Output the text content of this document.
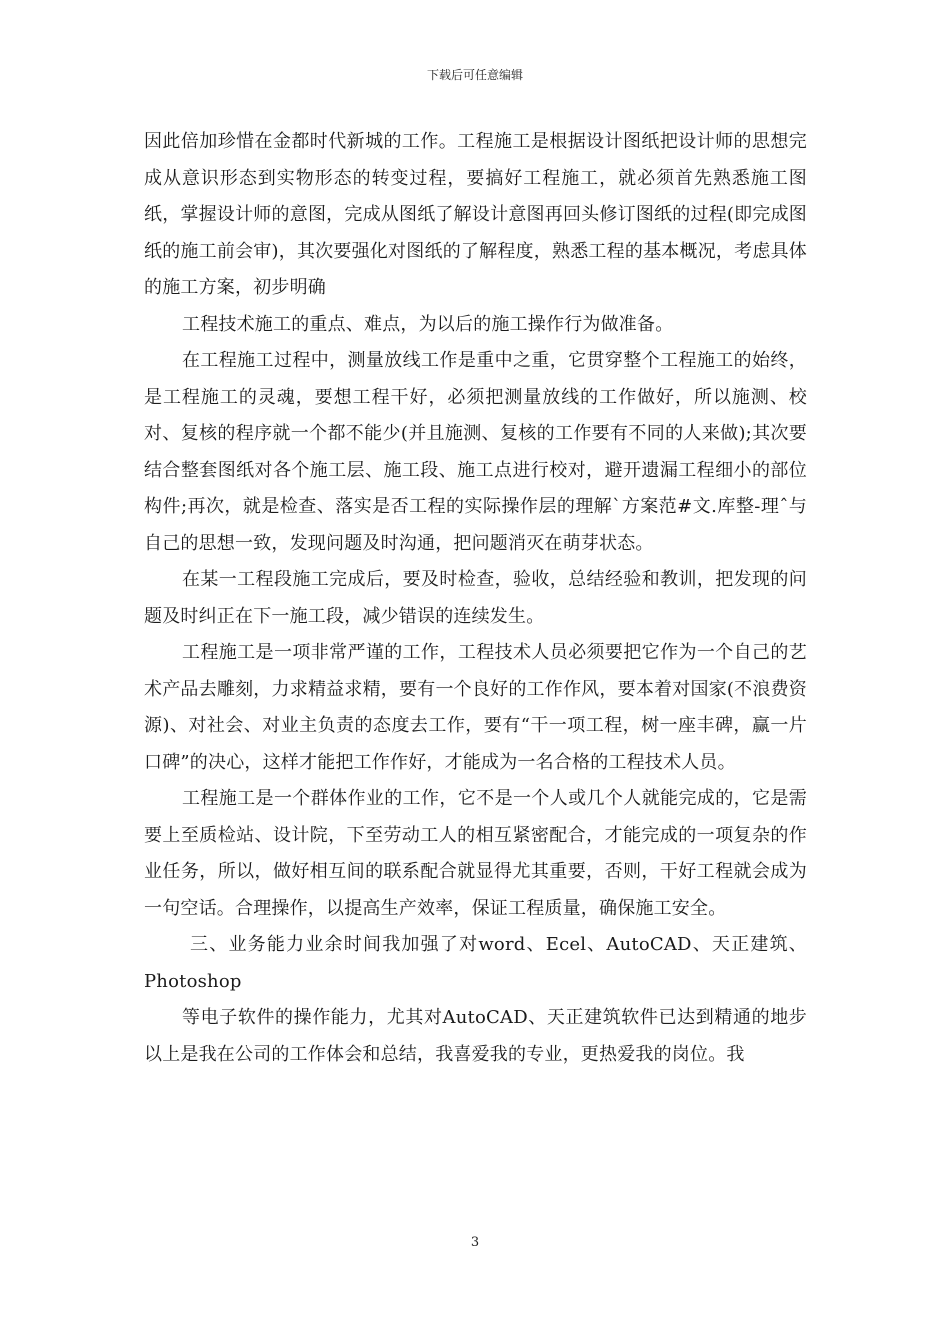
下载后可任意编辑

因此倍加珍惜在金都时代新城的工作。工程施工是根据设计图纸把设计师的思想完成从意识形态到实物形态的转变过程，要搞好工程施工，就必须首先熟悉施工图纸，掌握设计师的意图，完成从图纸了解设计意图再回头修订图纸的过程(即完成图纸的施工前会审)，其次要强化对图纸的了解程度，熟悉工程的基本概况，考虑具体的施工方案，初步明确

工程技术施工的重点、难点，为以后的施工操作行为做准备。

在工程施工过程中，测量放线工作是重中之重，它贯穿整个工程施工的始终，是工程施工的灵魂，要想工程干好，必须把测量放线的工作做好，所以施测、校对、复核的程序就一个都不能少(并且施测、复核的工作要有不同的人来做);其次要结合整套图纸对各个施工层、施工段、施工点进行校对，避开遗漏工程细小的部位构件;再次，就是检查、落实是否工程的实际操作层的理解`方案范#文.库整-理ˆ与自己的思想一致，发现问题及时沟通，把问题消灭在萌芽状态。

在某一工程段施工完成后，要及时检查，验收，总结经验和教训，把发现的问题及时纠正在下一施工段，减少错误的连续发生。

工程施工是一项非常严谨的工作，工程技术人员必须要把它作为一个自己的艺术产品去雕刻，力求精益求精，要有一个良好的工作作风，要本着对国家(不浪费资源)、对社会、对业主负责的态度去工作，要有“干一项工程，树一座丰碑，赢一片口碑”的决心，这样才能把工作作好，才能成为一名合格的工程技术人员。

工程施工是一个群体作业的工作，它不是一个人或几个人就能完成的，它是需要上至质检站、设计院，下至劳动工人的相互紧密配合，才能完成的一项复杂的作业任务，所以，做好相互间的联系配合就显得尤其重要，否则，干好工程就会成为一句空话。合理操作，以提高生产效率，保证工程质量，确保施工安全。

三、业务能力业余时间我加强了对word、Ecel、AutoCAD、天正建筑、Photoshop

等电子软件的操作能力，尤其对AutoCAD、天正建筑软件已达到精通的地步以上是我在公司的工作体会和总结，我喜爱我的专业，更热爱我的岗位。我

3
